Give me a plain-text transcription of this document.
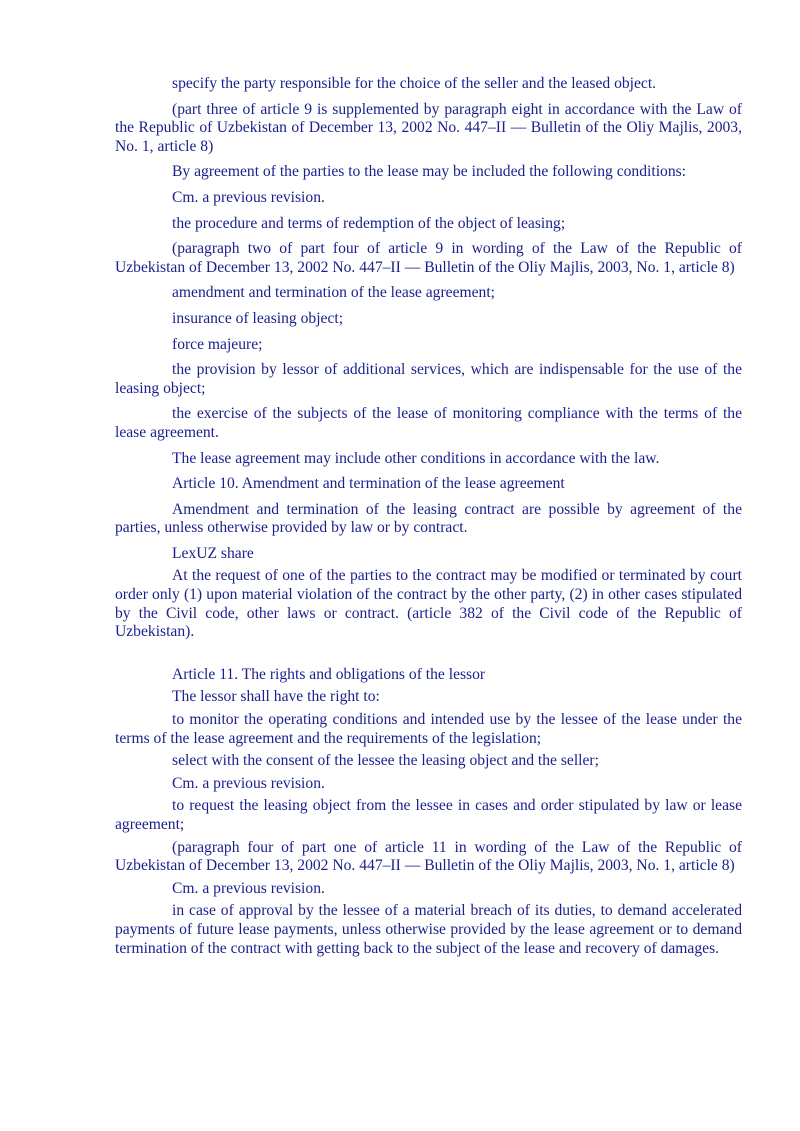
specify the party responsible for the choice of the seller and the leased object.

(part three of article 9 is supplemented by paragraph eight in accordance with the Law of the Republic of Uzbekistan of December 13, 2002 No. 447–II — Bulletin of the Oliy Majlis, 2003, No. 1, article 8)

By agreement of the parties to the lease may be included the following conditions:

Cm. a previous revision.

the procedure and terms of redemption of the object of leasing;

(paragraph two of part four of article 9 in wording of the Law of the Republic of Uzbekistan of December 13, 2002 No. 447–II — Bulletin of the Oliy Majlis, 2003, No. 1, article 8)

amendment and termination of the lease agreement;

insurance of leasing object;

force majeure;

the provision by lessor of additional services, which are indispensable for the use of the leasing object;

the exercise of the subjects of the lease of monitoring compliance with the terms of the lease agreement.

The lease agreement may include other conditions in accordance with the law.

Article 10. Amendment and termination of the lease agreement

Amendment and termination of the leasing contract are possible by agreement of the parties, unless otherwise provided by law or by contract.

LexUZ share

At the request of one of the parties to the contract may be modified or terminated by court order only (1) upon material violation of the contract by the other party, (2) in other cases stipulated by the Civil code, other laws or contract. (article 382 of the Civil code of the Republic of Uzbekistan).

Article 11. The rights and obligations of the lessor

The lessor shall have the right to:

to monitor the operating conditions and intended use by the lessee of the lease under the terms of the lease agreement and the requirements of the legislation;

select with the consent of the lessee the leasing object and the seller;

Cm. a previous revision.

to request the leasing object from the lessee in cases and order stipulated by law or lease agreement;

(paragraph four of part one of article 11 in wording of the Law of the Republic of Uzbekistan of December 13, 2002 No. 447–II — Bulletin of the Oliy Majlis, 2003, No. 1, article 8)

Cm. a previous revision.

in case of approval by the lessee of a material breach of its duties, to demand accelerated payments of future lease payments, unless otherwise provided by the lease agreement or to demand termination of the contract with getting back to the subject of the lease and recovery of damages.
